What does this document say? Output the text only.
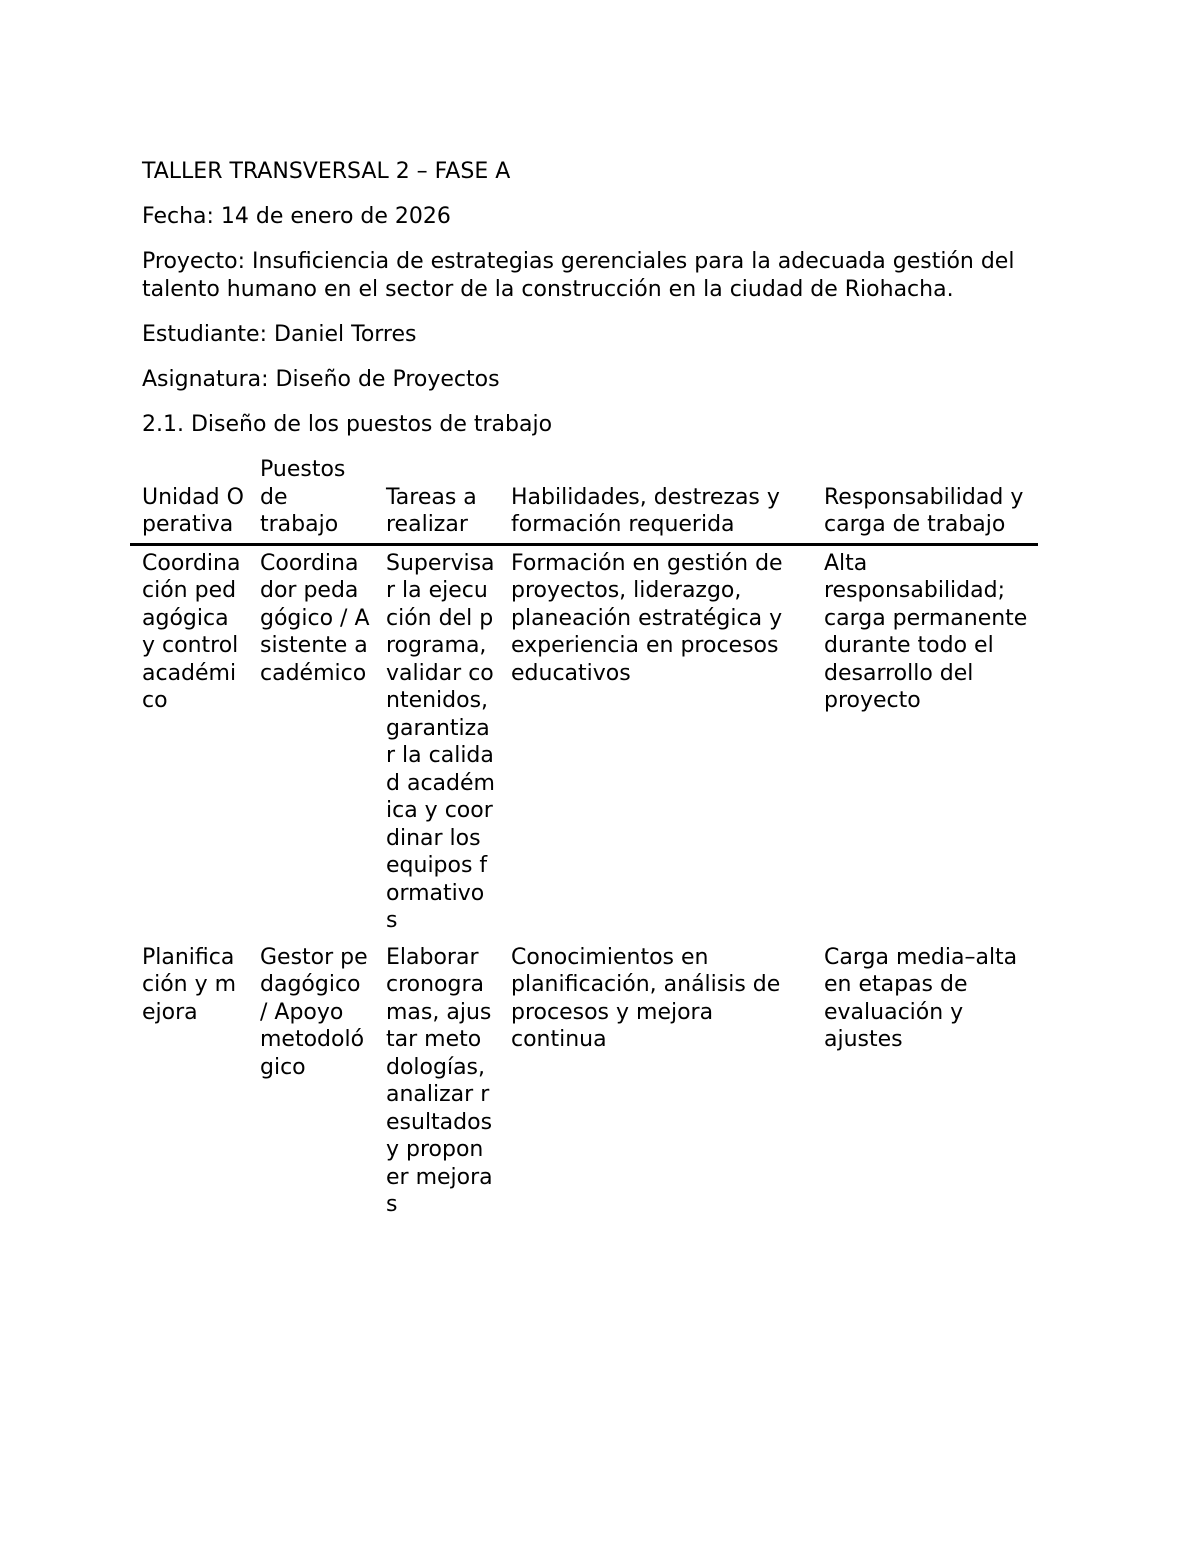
TALLER TRANSVERSAL 2 – FASE A

Fecha: 14 de enero de 2026

Proyecto: Insuficiencia de estrategias gerenciales para la adecuada gestión del talento humano en el sector de la construcción en la ciudad de Riohacha.

Estudiante: Daniel Torres

Asignatura: Diseño de Proyectos

2.1. Diseño de los puestos de trabajo

Unidad Operativa	Puestos de trabajo	Tareas a realizar	Habilidades, destrezas y formación requerida	Responsabilidad y carga de trabajo
Coordinación pedagógica y control académico	Coordinador pedagógico / Asistente académico	Supervisar la ejecución del programa, validar contenidos, garantizar la calidad académica y coordinar los equipos formativos	Formación en gestión de proyectos, liderazgo, planeación estratégica y experiencia en procesos educativos	Alta responsabilidad; carga permanente durante todo el desarrollo del proyecto
Planificación y mejora	Gestor pedagógico / Apoyo metodológico	Elaborar cronogramas, ajustar metodologías, analizar resultados y proponer mejoras	Conocimientos en planificación, análisis de procesos y mejora continua	Carga media–alta en etapas de evaluación y ajustes
